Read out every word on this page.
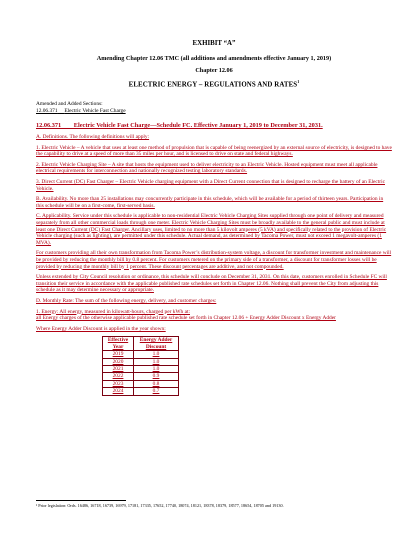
EXHIBIT “A”
Amending Chapter 12.06 TMC (all additions and amendments effective January 1, 2019)
Chapter 12.06
ELECTRIC ENERGY – REGULATIONS AND RATES$^1$
Amended and Added Sections:
12.06.371 Electric Vehicle Fast Charge
12.06.371        Electric Vehicle Fast Charge—Schedule FC. Effective January 1, 2019 to December 31, 2031.
A. Definitions. The following definitions will apply:
1. Electric Vehicle – A vehicle that uses at least one method of propulsion that is capable of being reenergized by an external source of electricity, is designed to have the capability to drive at a speed of more than 35 miles per hour, and is licensed to drive on state and federal highways.
2. Electric Vehicle Charging Site – A site that hosts the equipment used to deliver electricity to an Electric Vehicle. Hosted equipment must meet all applicable electrical requirements for interconnection and nationally recognized testing laboratory standards.
3. Direct Current (DC) Fast Charger – Electric Vehicle charging equipment with a Direct Current connection that is designed to recharge the battery of an Electric Vehicle.
B. Availability. No more than 25 installations may concurrently participate in this schedule, which will be available for a period of thirteen years. Participation in this schedule will be on a first-come, first-served basis.
C. Applicability. Service under this schedule is applicable to non-residential Electric Vehicle Charging Sites supplied through one point of delivery and measured separately from all other commercial loads through one meter. Electric Vehicle Charging Sites must be broadly available to the general public and must include at least one Direct Current (DC) Fast Charger. Ancillary uses, limited to no more than 5 kilovolt amperes (5 kVA) and specifically related to the provision of Electric Vehicle charging (such as lighting), are permitted under this schedule. Actual demand, as determined by Tacoma Power, must not exceed 1 megavolt-amperes (1 MVA).
For customers providing all their own transformation from Tacoma Power’s distribution-system voltage, a discount for transformer investment and maintenance will be provided by reducing the monthly bill by 0.8 percent. For customers metered on the primary side of a transformer, a discount for transformer losses will be provided by reducing the monthly bill by 1 percent. These discount percentages are additive, and not compounded.
Unless extended by City Council resolution or ordinance, this schedule will conclude on December 31, 2031. On this date, customers enrolled in Schedule FC will transition their service in accordance with the applicable published rate schedules set forth in Chapter 12.06. Nothing shall prevent the City from adjusting this schedule as it may determine necessary or appropriate.
D. Monthly Rate: The sum of the following energy, delivery, and customer charges:
1. Energy: All energy, measured in kilowatt-hours, charged per kWh at:
all Energy charges of the otherwise applicable published rate schedule set forth in Chapter 12.06 + Energy Adder Discount x Energy Adder
Where Energy Adder Discount is applied in the year shown:
Effective Year	Energy Adder Discount
2019	1.0
2020	1.0
2021	1.0
2022	0.9
2023	0.8
2024	0.7
¹ Prior legislation: Ords. 16486, 16718, 16739, 16979, 17181, 17335, 17652, 17740, 18074, 18121, 18378, 18379, 18577, 18654, 18705 and 19130.
